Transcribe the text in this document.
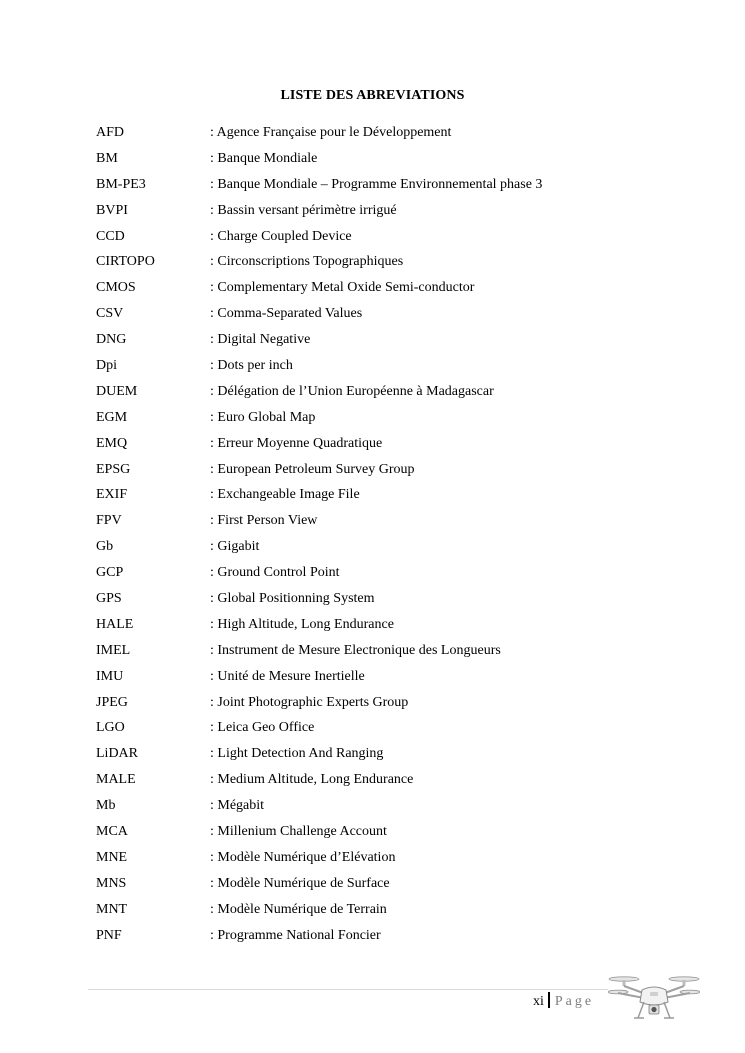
LISTE DES ABREVIATIONS
AFD	: Agence Française pour le Développement
BM	: Banque Mondiale
BM-PE3	: Banque Mondiale – Programme Environnemental phase 3
BVPI	: Bassin versant périmètre irrigué
CCD	: Charge Coupled Device
CIRTOPO	: Circonscriptions Topographiques
CMOS	: Complementary Metal Oxide Semi-conductor
CSV	: Comma-Separated Values
DNG	: Digital Negative
Dpi	: Dots per inch
DUEM	: Délégation de l’Union Européenne à Madagascar
EGM	: Euro Global Map
EMQ	: Erreur Moyenne Quadratique
EPSG	: European Petroleum Survey Group
EXIF	: Exchangeable Image File
FPV	: First Person View
Gb	: Gigabit
GCP	: Ground Control Point
GPS	: Global Positionning System
HALE	: High Altitude, Long Endurance
IMEL	: Instrument de Mesure Electronique des Longueurs
IMU	: Unité de Mesure Inertielle
JPEG	: Joint Photographic Experts Group
LGO	: Leica Geo Office
LiDAR	: Light Detection And Ranging
MALE	: Medium Altitude, Long Endurance
Mb	: Mégabit
MCA	: Millenium Challenge Account
MNE	: Modèle Numérique d’Elévation
MNS	: Modèle Numérique de Surface
MNT	: Modèle Numérique de Terrain
PNF	: Programme National Foncier
xi Page
